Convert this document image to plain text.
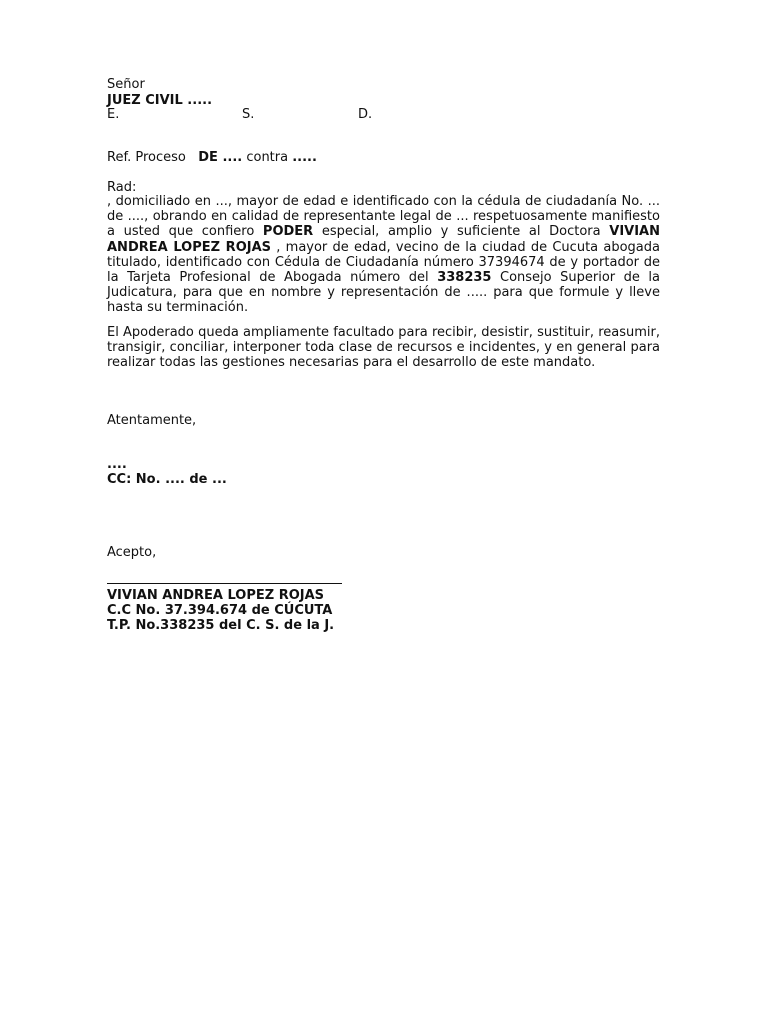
Señor
JUEZ CIVIL .....
E.	S.	D.
Ref. Proceso DE .... contra .....
Rad:
, domiciliado en ..., mayor de edad e identificado con la cédula de ciudadanía No. ... de ...., obrando en calidad de representante legal de ... respetuosamente manifiesto a usted que confiero PODER especial, amplio y suficiente al Doctora VIVIAN ANDREA LOPEZ ROJAS , mayor de edad, vecino de la ciudad de Cucuta abogada titulado, identificado con Cédula de Ciudadanía número 37394674 de y portador de la Tarjeta Profesional de Abogada número del 338235 Consejo Superior de la Judicatura, para que en nombre y representación de ..... para que formule y lleve hasta su terminación.
El Apoderado queda ampliamente facultado para recibir, desistir, sustituir, reasumir, transigir, conciliar, interponer toda clase de recursos e incidentes, y en general para realizar todas las gestiones necesarias para el desarrollo de este mandato.
Atentamente,
....
CC: No. .... de ...
Acepto,
VIVIAN ANDREA LOPEZ ROJAS
C.C No. 37.394.674 de CÚCUTA
T.P. No.338235 del C. S. de la J.
